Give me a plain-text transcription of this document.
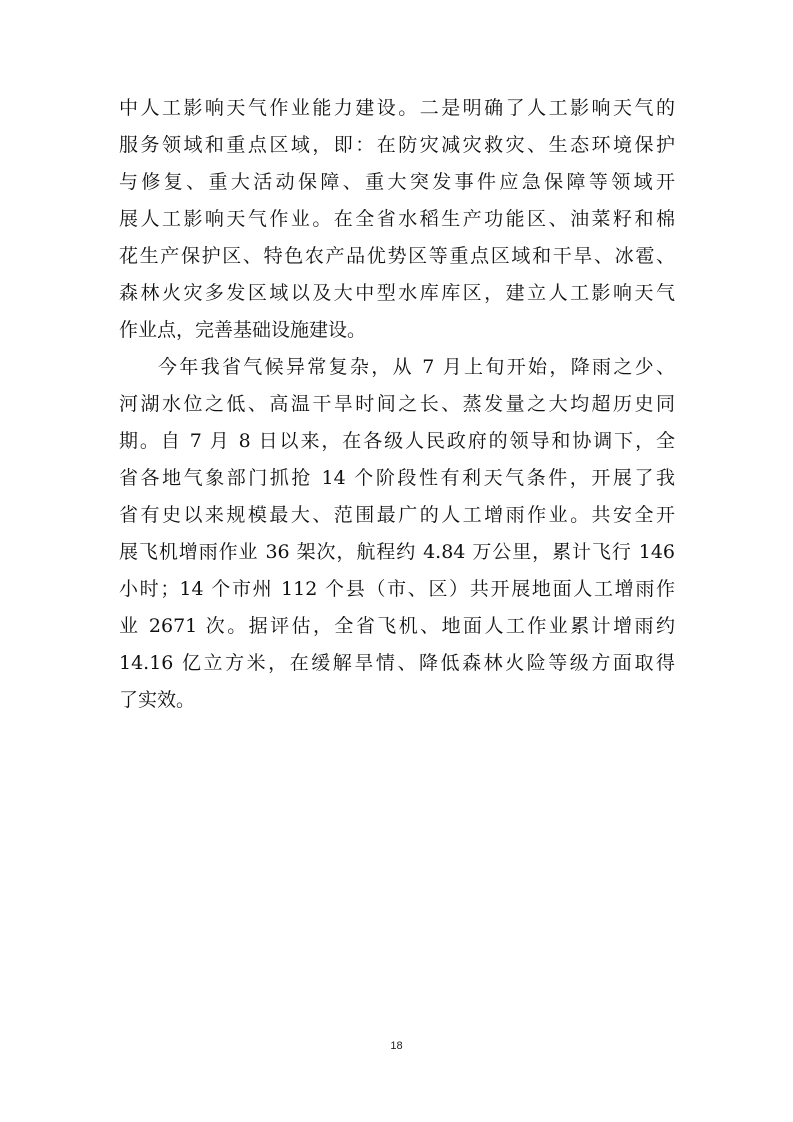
中人工影响天气作业能力建设。二是明确了人工影响天气的
服务领域和重点区域，即：在防灾减灾救灾、生态环境保护
与修复、重大活动保障、重大突发事件应急保障等领域开
展人工影响天气作业。在全省水稻生产功能区、油菜籽和棉
花生产保护区、特色农产品优势区等重点区域和干旱、冰雹、
森林火灾多发区域以及大中型水库库区，建立人工影响天气
作业点，完善基础设施建设。
今年我省气候异常复杂，从 7 月上旬开始，降雨之少、
河湖水位之低、高温干旱时间之长、蒸发量之大均超历史同
期。自 7 月 8 日以来，在各级人民政府的领导和协调下，全
省各地气象部门抓抢 14 个阶段性有利天气条件，开展了我
省有史以来规模最大、范围最广的人工增雨作业。共安全开
展飞机增雨作业 36 架次，航程约 4.84 万公里，累计飞行 146
小时；14 个市州 112 个县（市、区）共开展地面人工增雨作
业 2671 次。据评估，全省飞机、地面人工作业累计增雨约
14.16 亿立方米，在缓解旱情、降低森林火险等级方面取得
了实效。
18
